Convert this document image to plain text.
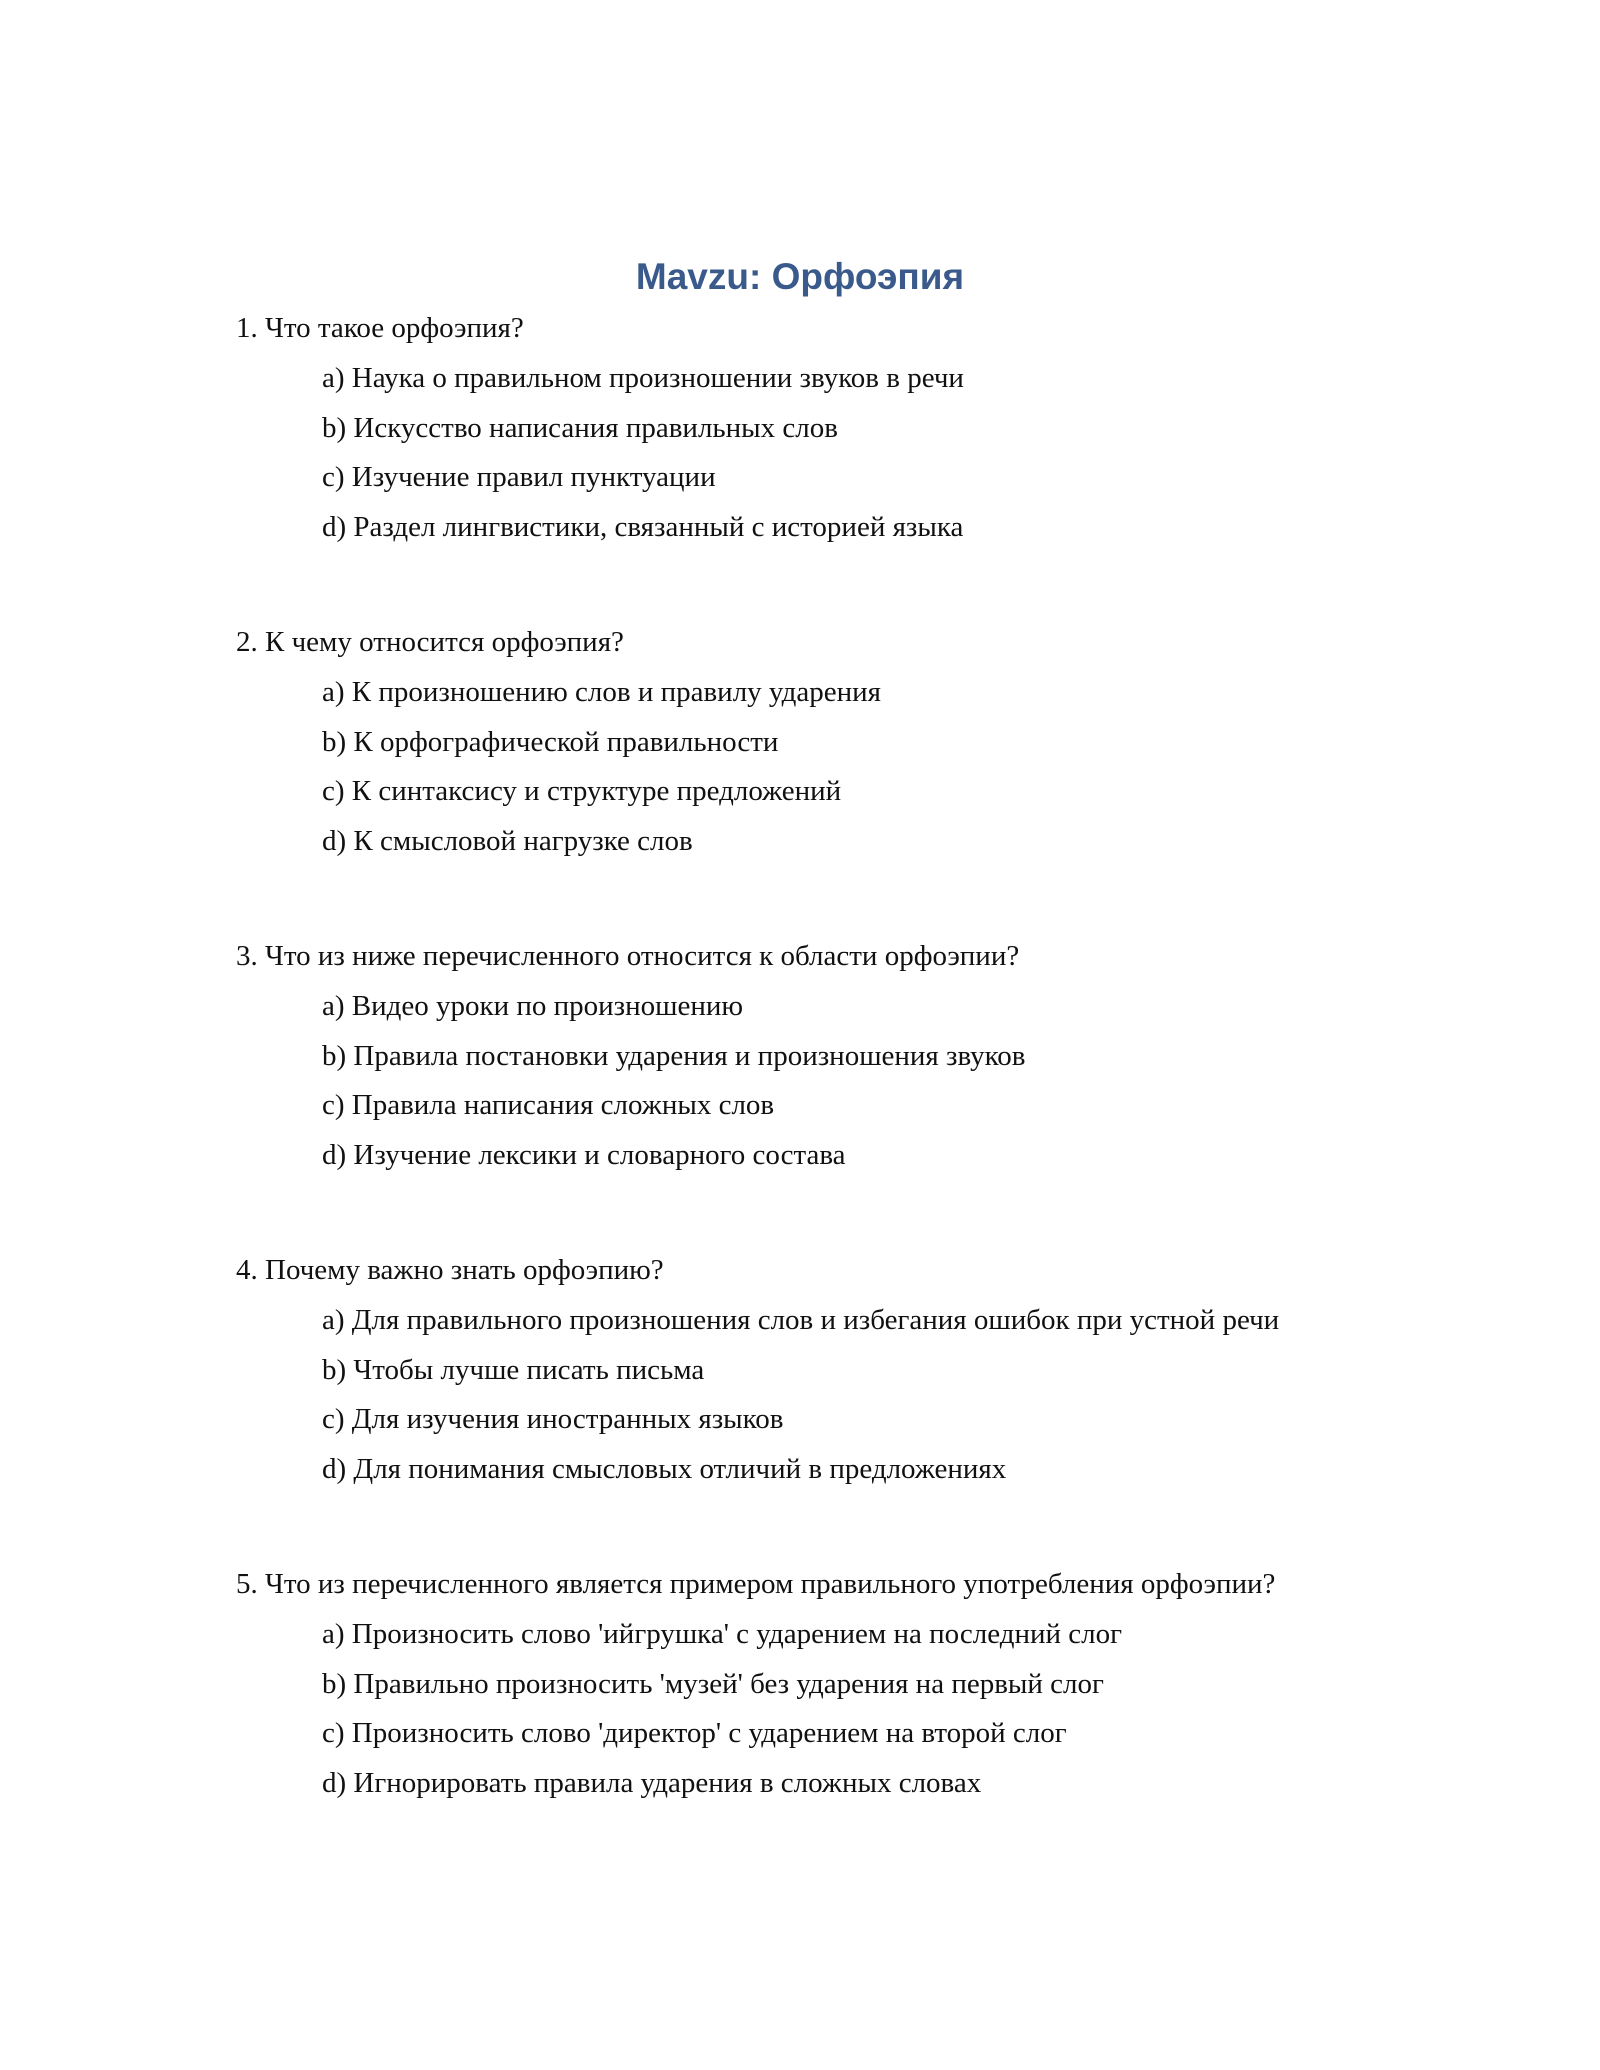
Mavzu: Орфоэпия

1. Что такое орфоэпия?

a) Наука о правильном произношении звуков в речи
b) Искусство написания правильных слов
c) Изучение правил пунктуации
d) Раздел лингвистики, связанный с историей языка

2. К чему относится орфоэпия?

a) К произношению слов и правилу ударения
b) К орфографической правильности
c) К синтаксису и структуре предложений
d) К смысловой нагрузке слов

3. Что из ниже перечисленного относится к области орфоэпии?

a) Видео уроки по произношению
b) Правила постановки ударения и произношения звуков
c) Правила написания сложных слов
d) Изучение лексики и словарного состава

4. Почему важно знать орфоэпию?

a) Для правильного произношения слов и избегания ошибок при устной речи
b) Чтобы лучше писать письма
c) Для изучения иностранных языков
d) Для понимания смысловых отличий в предложениях

5. Что из перечисленного является примером правильного употребления орфоэпии?

a) Произносить слово 'ийгрушка' с ударением на последний слог
b) Правильно произносить 'музей' без ударения на первый слог
c) Произносить слово 'директор' с ударением на второй слог
d) Игнорировать правила ударения в сложных словах
